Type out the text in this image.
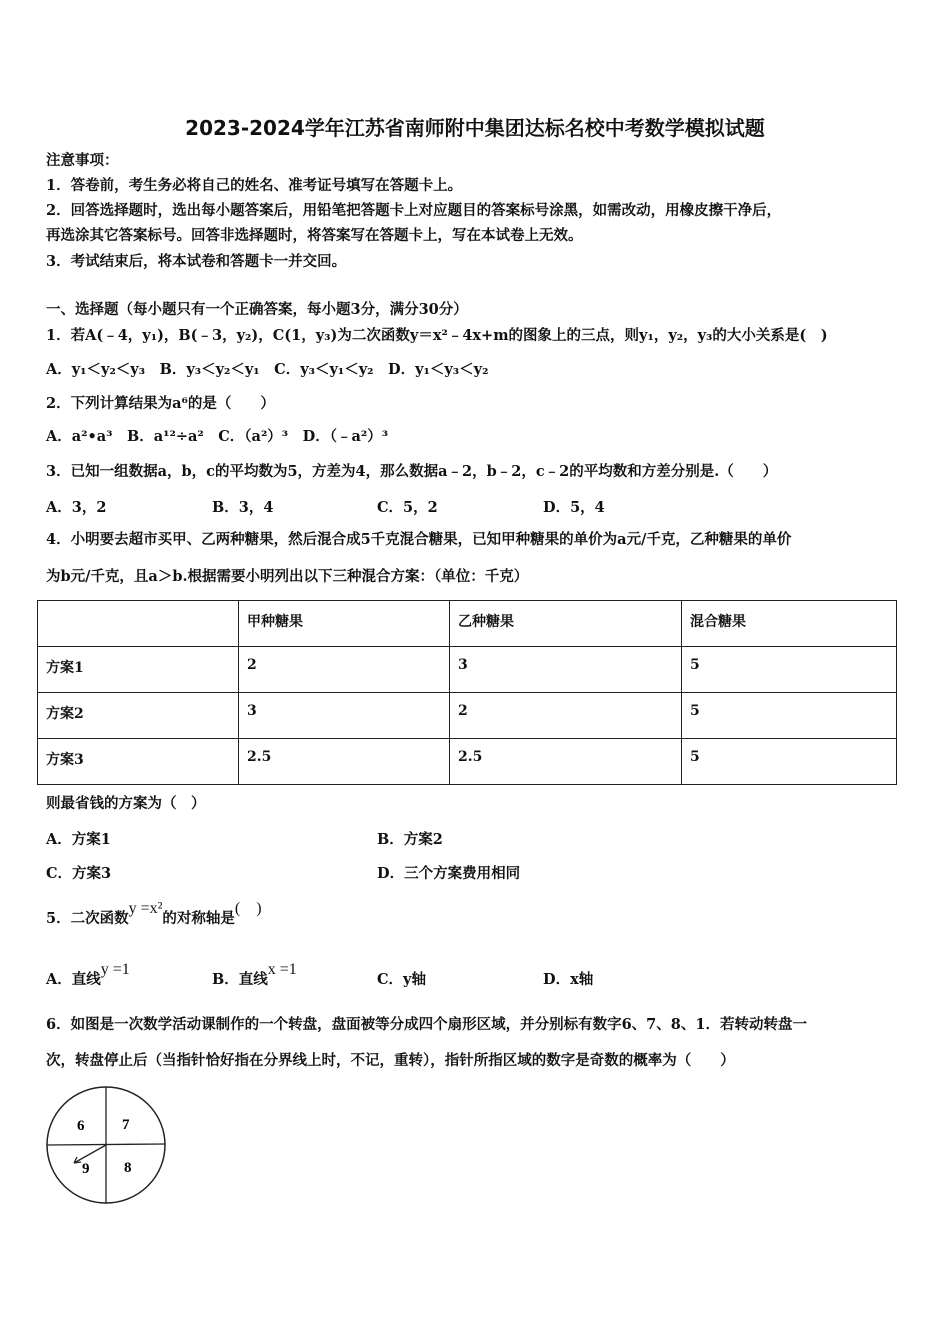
2023-2024学年江苏省南师附中集团达标名校中考数学模拟试题
注意事项：
1．答卷前，考生务必将自己的姓名、准考证号填写在答题卡上。
2．回答选择题时，选出每小题答案后，用铅笔把答题卡上对应题目的答案标号涂黑，如需改动，用橡皮擦干净后，
再选涂其它答案标号。回答非选择题时，将答案写在答题卡上，写在本试卷上无效。
3．考试结束后，将本试卷和答题卡一并交回。
一、选择题（每小题只有一个正确答案，每小题3分，满分30分）
1．若A(﹣4，y₁)，B(﹣3，y₂)，C(1，y₃)为二次函数y＝x²﹣4x+m的图象上的三点，则y₁，y₂，y₃的大小关系是(　)
A．y₁＜y₂＜y₃　B．y₃＜y₂＜y₁　C．y₃＜y₁＜y₂　D．y₁＜y₃＜y₂
2．下列计算结果为a⁶的是（　　）
A．a²•a³　B．a¹²÷a²　C．（a²）³　D．（﹣a²）³
3．已知一组数据a，b，c的平均数为5，方差为4，那么数据a﹣2，b﹣2，c﹣2的平均数和方差分别是.（　　）
A．3，2	B．3，4	C．5，2	D．5，4
4．小明要去超市买甲、乙两种糖果，然后混合成5千克混合糖果，已知甲种糖果的单价为a元/千克，乙种糖果的单价
为b元/千克，且a＞b.根据需要小明列出以下三种混合方案：（单位：千克）
	甲种糖果	乙种糖果	混合糖果
方案1	2	3	5
方案2	3	2	5
方案3	2.5	2.5	5
则最省钱的方案为（　）
A．方案1	B．方案2
C．方案3	D．三个方案费用相同
5．二次函数y =x²的对称轴是(　)
A．直线y =1
B．直线x =1
C．y轴	D．x轴
6．如图是一次数学活动课制作的一个转盘，盘面被等分成四个扇形区域，并分别标有数字6、7、8、1．若转动转盘一
次，转盘停止后（当指针恰好指在分界线上时，不记，重转），指针所指区域的数字是奇数的概率为（　　）
6	7
9 8
